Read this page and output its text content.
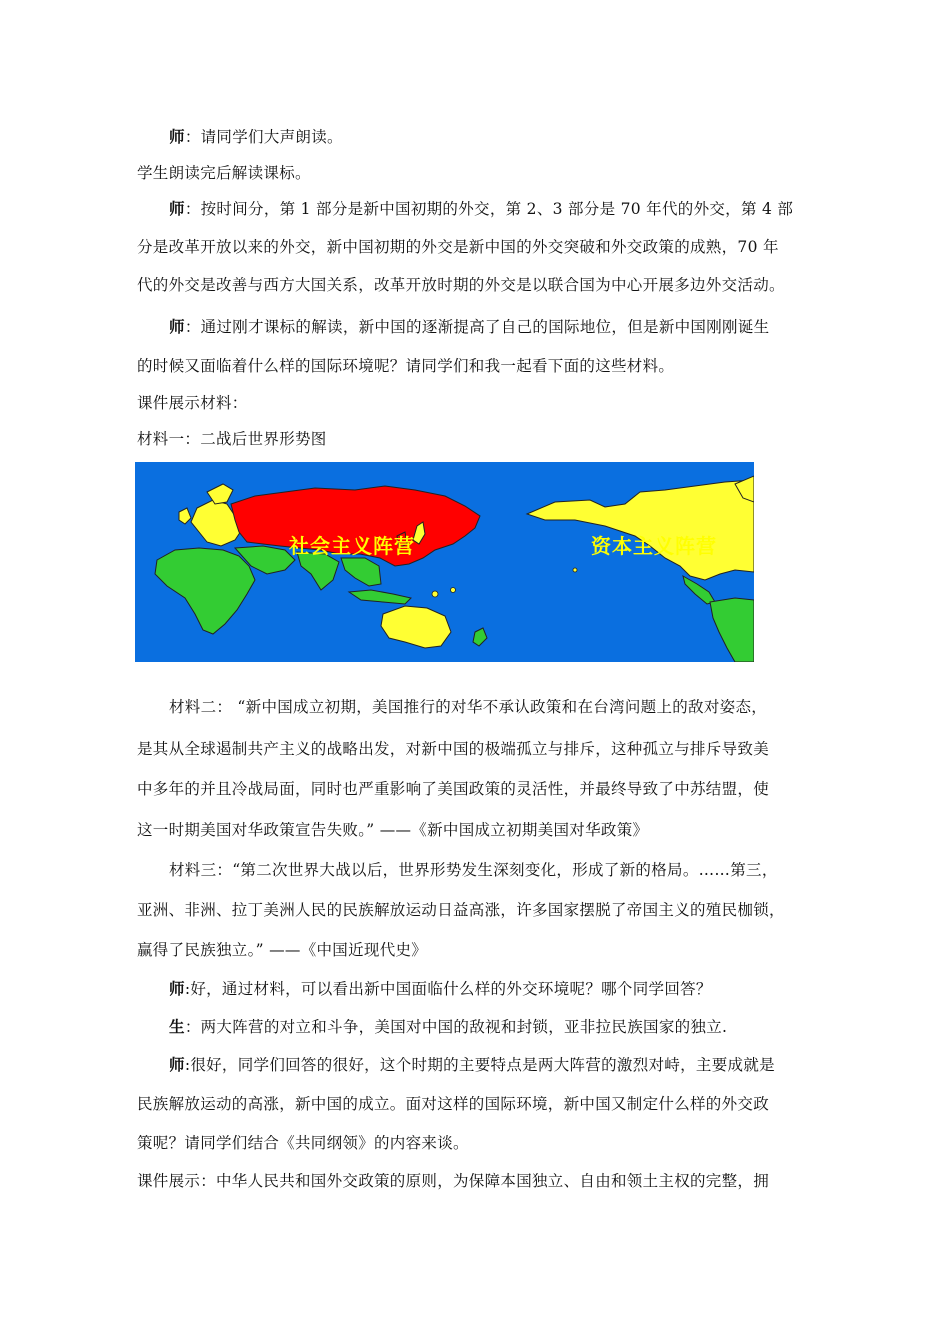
师：请同学们大声朗读。
学生朗读完后解读课标。
师：按时间分，第 1 部分是新中国初期的外交，第 2、3 部分是 70 年代的外交，第 4 部
分是改革开放以来的外交，新中国初期的外交是新中国的外交突破和外交政策的成熟，70 年
代的外交是改善与西方大国关系，改革开放时期的外交是以联合国为中心开展多边外交活动。
师：通过刚才课标的解读，新中国的逐渐提高了自己的国际地位，但是新中国刚刚诞生
的时候又面临着什么样的国际环境呢？请同学们和我一起看下面的这些材料。
课件展示材料：
材料一：二战后世界形势图
社会主义阵营	资本主义阵营
材料二： “新中国成立初期，美国推行的对华不承认政策和在台湾问题上的敌对姿态，
是其从全球遏制共产主义的战略出发，对新中国的极端孤立与排斥，这种孤立与排斥导致美
中多年的并且冷战局面，同时也严重影响了美国政策的灵活性，并最终导致了中苏结盟，使
这一时期美国对华政策宣告失败。” ——《新中国成立初期美国对华政策》
材料三：“第二次世界大战以后，世界形势发生深刻变化，形成了新的格局。……第三，
亚洲、非洲、拉丁美洲人民的民族解放运动日益高涨，许多国家摆脱了帝国主义的殖民枷锁，
赢得了民族独立。” ——《中国近现代史》
师:好，通过材料，可以看出新中国面临什么样的外交环境呢？哪个同学回答？
生：两大阵营的对立和斗争，美国对中国的敌视和封锁，亚非拉民族国家的独立.
师:很好，同学们回答的很好，这个时期的主要特点是两大阵营的激烈对峙，主要成就是
民族解放运动的高涨，新中国的成立。面对这样的国际环境，新中国又制定什么样的外交政
策呢？请同学们结合《共同纲领》的内容来谈。
课件展示：中华人民共和国外交政策的原则，为保障本国独立、自由和领土主权的完整，拥
